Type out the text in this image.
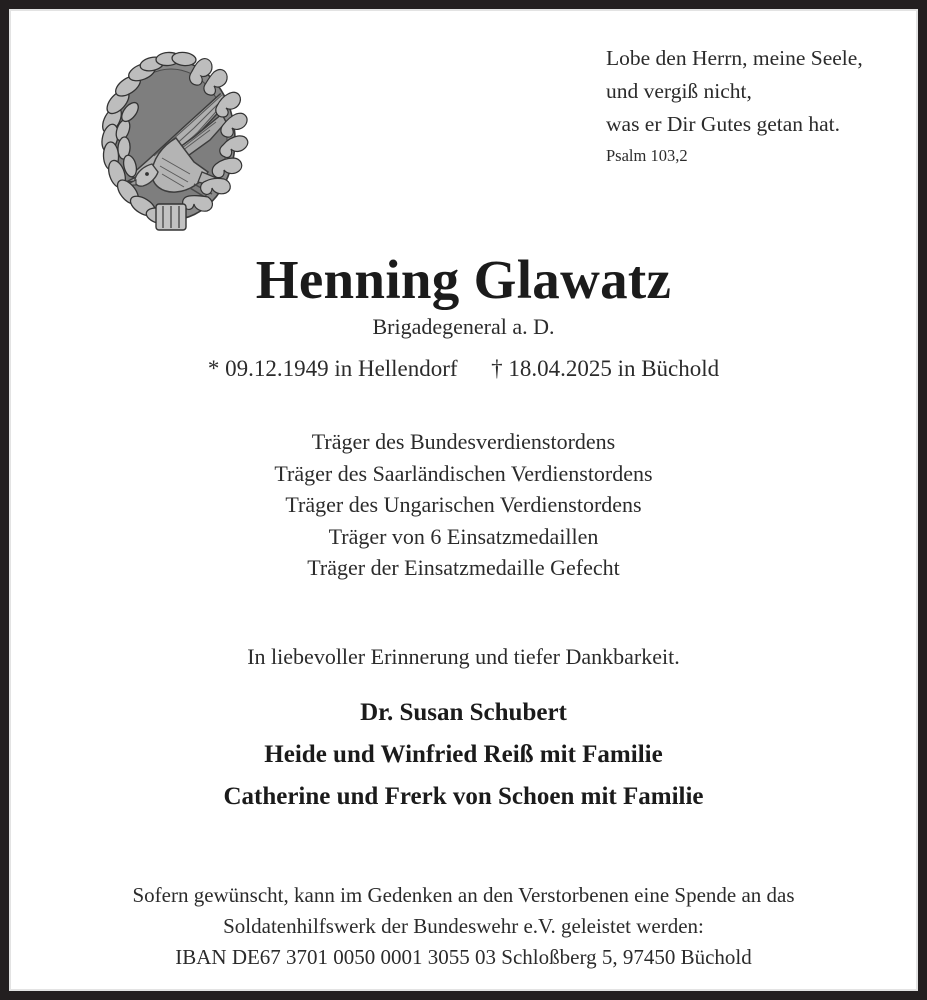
Lobe den Herrn, meine Seele,
und vergiß nicht,
was er Dir Gutes getan hat.
Psalm 103,2
Henning Glawatz
Brigadegeneral a. D.
* 09.12.1949 in Hellendorf † 18.04.2025 in Büchold
Träger des Bundesverdienstordens
Träger des Saarländischen Verdienstordens
Träger des Ungarischen Verdienstordens
Träger von 6 Einsatzmedaillen
Träger der Einsatzmedaille Gefecht
In liebevoller Erinnerung und tiefer Dankbarkeit.
Dr. Susan Schubert
Heide und Winfried Reiß mit Familie
Catherine und Frerk von Schoen mit Familie
Sofern gewünscht, kann im Gedenken an den Verstorbenen eine Spende an das
Soldatenhilfswerk der Bundeswehr e.V. geleistet werden:
IBAN DE67 3701 0050 0001 3055 03 Schloßberg 5, 97450 Büchold
